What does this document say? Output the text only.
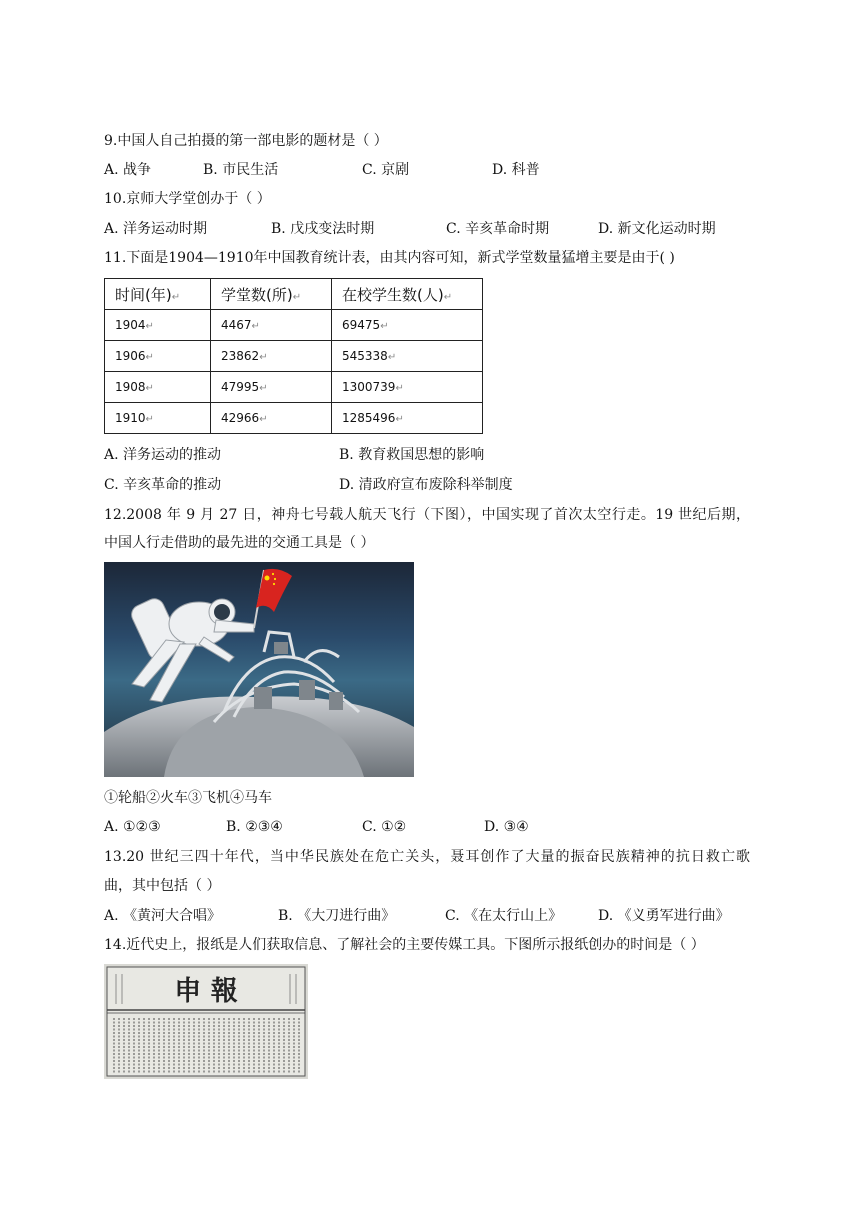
9.中国人自己拍摄的第一部电影的题材是（ ）
A. 战争	B. 市民生活	C. 京剧	D. 科普
10.京师大学堂创办于（ ）
A. 洋务运动时期	B. 戊戌变法时期	C. 辛亥革命时期	D. 新文化运动时期
11.下面是1904—1910年中国教育统计表，由其内容可知，新式学堂数量猛增主要是由于( )
时间(年)↵	学堂数(所)↵	在校学生数(人)↵
1904↵	4467↵	69475↵
1906↵	23862↵	545338↵
1908↵	47995↵	1300739↵
1910↵	42966↵	1285496↵
A. 洋务运动的推动	B. 教育救国思想的影响
C. 辛亥革命的推动	D. 清政府宣布废除科举制度
12.2008 年 9 月 27 日，神舟七号载人航天飞行（下图），中国实现了首次太空行走。19 世纪后期，
中国人行走借助的最先进的交通工具是（ ）
①轮船②火车③飞机④马车
A. ①②③	B. ②③④	C. ①②	D. ③④
13.20 世纪三四十年代，当中华民族处在危亡关头，聂耳创作了大量的振奋民族精神的抗日救亡歌
曲，其中包括（ ）
A. 《黄河大合唱》	B. 《大刀进行曲》	C. 《在太行山上》	D. 《义勇军进行曲》
14.近代史上，报纸是人们获取信息、了解社会的主要传媒工具。下图所示报纸创办的时间是（ ）
申 報
